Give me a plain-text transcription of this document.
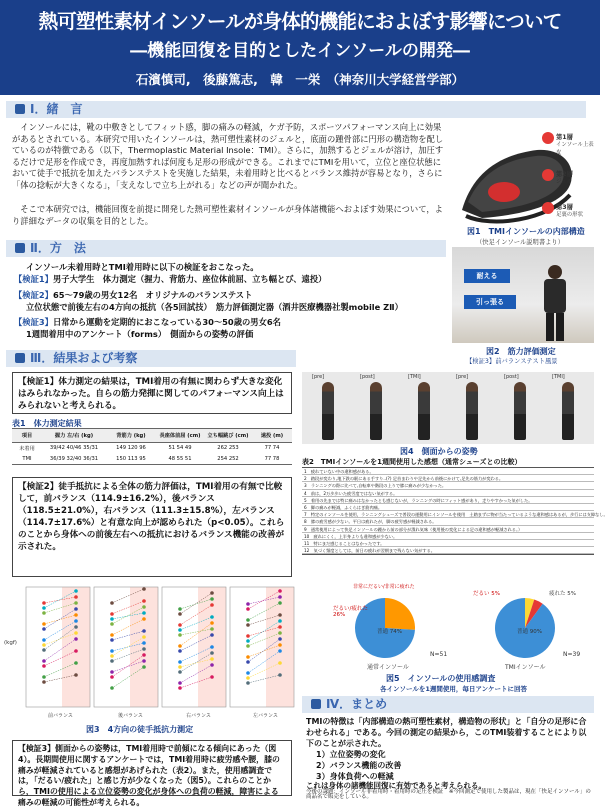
熱可塑性素材インソールが身体的機能におよぼす影響について
―機能回復を目的としたインソールの開発―
石濱慎司,　後藤篤志,　韓　一栄　（神奈川大学経営学部）
Ⅰ．緒　言
　インソールには，靴の中敷きとしてフィット感，脚の痛みの軽減，ケガ予防，スポーツパフォーマンス向上に効果があるとされている。本研究で用いたインソールは，熱可塑性素材のジェルと，底面の踵骨部に円形の構造物を配しているのが特徴である（以下，Thermoplastic Material Insole：TMI）。さらに，加熱するとジェルが溶け，加圧するだけで足形を作成でき，再度加熱すれば何度も足形の形成ができる。これまでにTMIを用いて，立位と座位状態において徒手で抵抗を加えたバランステストを実施した結果，未着用時と比べるとバランス維持が容易となり，さらに「体の捻転が大きくなる」，「支えなしで立ち上がれる」などの声が聞かれた。
　そこで本研究では，機能回復を前提に開発した熱可塑性素材インソールが身体諸機能へおよぼす効果について，より詳細なデータの収集を目的とした。
第1層
インソール上表皮
第2層
ジェル
第3層
足裏の形状
図1　TMIインソールの内部構造
（快足インソール説明書より）
Ⅱ．方　法
インソール未着用時とTMI着用時に以下の検証をおこなった。
【検証1】男子大学生　体力測定（握力、背筋力、座位体前屈、立ち幅とび、遠投）
【検証2】65～79歳の男女12名　オリジナルのバランステスト
立位状態で前後左右の4方向の抵抗（各5回試技）　筋力評価測定器（酒井医療機器社製mobile ZⅡ）
【検証3】日常から運動を定期的におこなっている30～50歳の男女6名
1週間着用中のアンケート（forms）　側面からの姿勢の評価
耐える
引っ張る
図2　筋力評価測定
【検証3】前バランステスト風景
Ⅲ．結果および考察
【検証1】体力測定の結果は，TMI着用の有無に関わらず大きな変化はみられなかった。自らの筋力発揮に関してのパフォーマンス向上はみられないと考えられる。
表1　体力測定結果
項目	握力 左/右 (kg)	背筋力 (kg)	長座体前屈 (cm)	立ち幅跳び (cm)	遠投 (m)
未着用	39/42 40/46 35/31	149 120 96	51 54 49	262 253	77 74
TMI	36/39 32/40 36/31	150 113 95	48 55 51	254 252	77 78
【検証2】徒手抵抗による全体の筋力評価は，TMI着用の有無で比較して，前バランス（114.9±16.2%），後バランス（118.5±21.0%），右バランス（111.3±15.8%），左バランス（114.7±17.6%）と有意な向上が認められた（p<0.05）。これらのことから身体への前後左右への抵抗におけるバランス機能の改善が示された。
(kgf)
前バランス	後バランス	右バランス	左バランス
図3　4方向の徒手抵抗力測定
【検証3】側面からの姿勢は，TMI着用時で前傾になる傾向にあった（図4）。長期間使用に関するアンケートでは，TMI着用時に疲労感や腰，膝の痛みが軽減されていると感想があげられた（表2）。また，使用感調査では，「だるい/疲れた」と感じ方が少なくなった（図5）。これらのことから，TMIの使用による立位姿勢の変化が身体への負荷の軽減，障害による痛みの軽減の可能性が考えられる。
[pre]	[post]	[TMI]	[pre]	[post]	[TMI]
図4　側面からの姿勢
表2　TMIインソールを1週間使用した感想（通常シューズとの比較）
1　疲れていない中の違和感がある。
2　踏段が変わり,地下鉄の駅にある手すり..(?) 足首まわりや足先から前後にかけて,足先の筋力が変わる。
3　ランニングの際に比べて,自転車や階段の上りで膝に痛みが少なかった。
4　前は，2万歩歩いた疲労度ではない気がする。
5　着用の先までは特に痛みはなかったとも感じないが，ランニングの時にフィット感があり，走りやすかった気がした。
6　脚の痛みが軽減，ふくらはぎ筋肉痛。
7　特定のインソールを使用，ランニングシューズで普段の運動用にインソールを使用　土踏まずに物が当たっているような違和感はあるが，歩行には支障なし。
8　膝の疲労感が少ない。平日は疲れたが，脚の疲労感が軽減される。
9　通常使用によって快足インソールの踵から前の部分が潰れ気味（使用後の変化による足の違和感が軽減される。）
10　疲れにくく，上半身よりも違和感が少ない。
11　特にまだ感じることはなかったです。
12　気づく頻度としては，前日の疲れが翌朝まで残らない気がする。
非常にだるい/非常に疲れた
だるい/疲れた 26%
普通 74%
N=51
通常インソール
だるい 5%	疲れた 5%
普通 90%
N=39
TMIインソール
図5　インソールの使用感調査
各インソールを1週間使用，毎日アンケートに回答
Ⅳ．まとめ
TMIの特徴は「内部構造の熱可塑性素材，構造物の形状」と「自分の足形に合わせられる」である。今回の測定の結果から，このTMI装着することにより以下のことが示された。
1）立位姿勢の変化
2）バランス機能の改善
3）身体負荷への軽減
これは身体の諸機能回復に有効であると考えられる。
今後の課題：インソール非着用時・着用時の足圧を検証　 ※今回測定で使用した製品は，現在「快足インソール」の商品名で販売をしている。
